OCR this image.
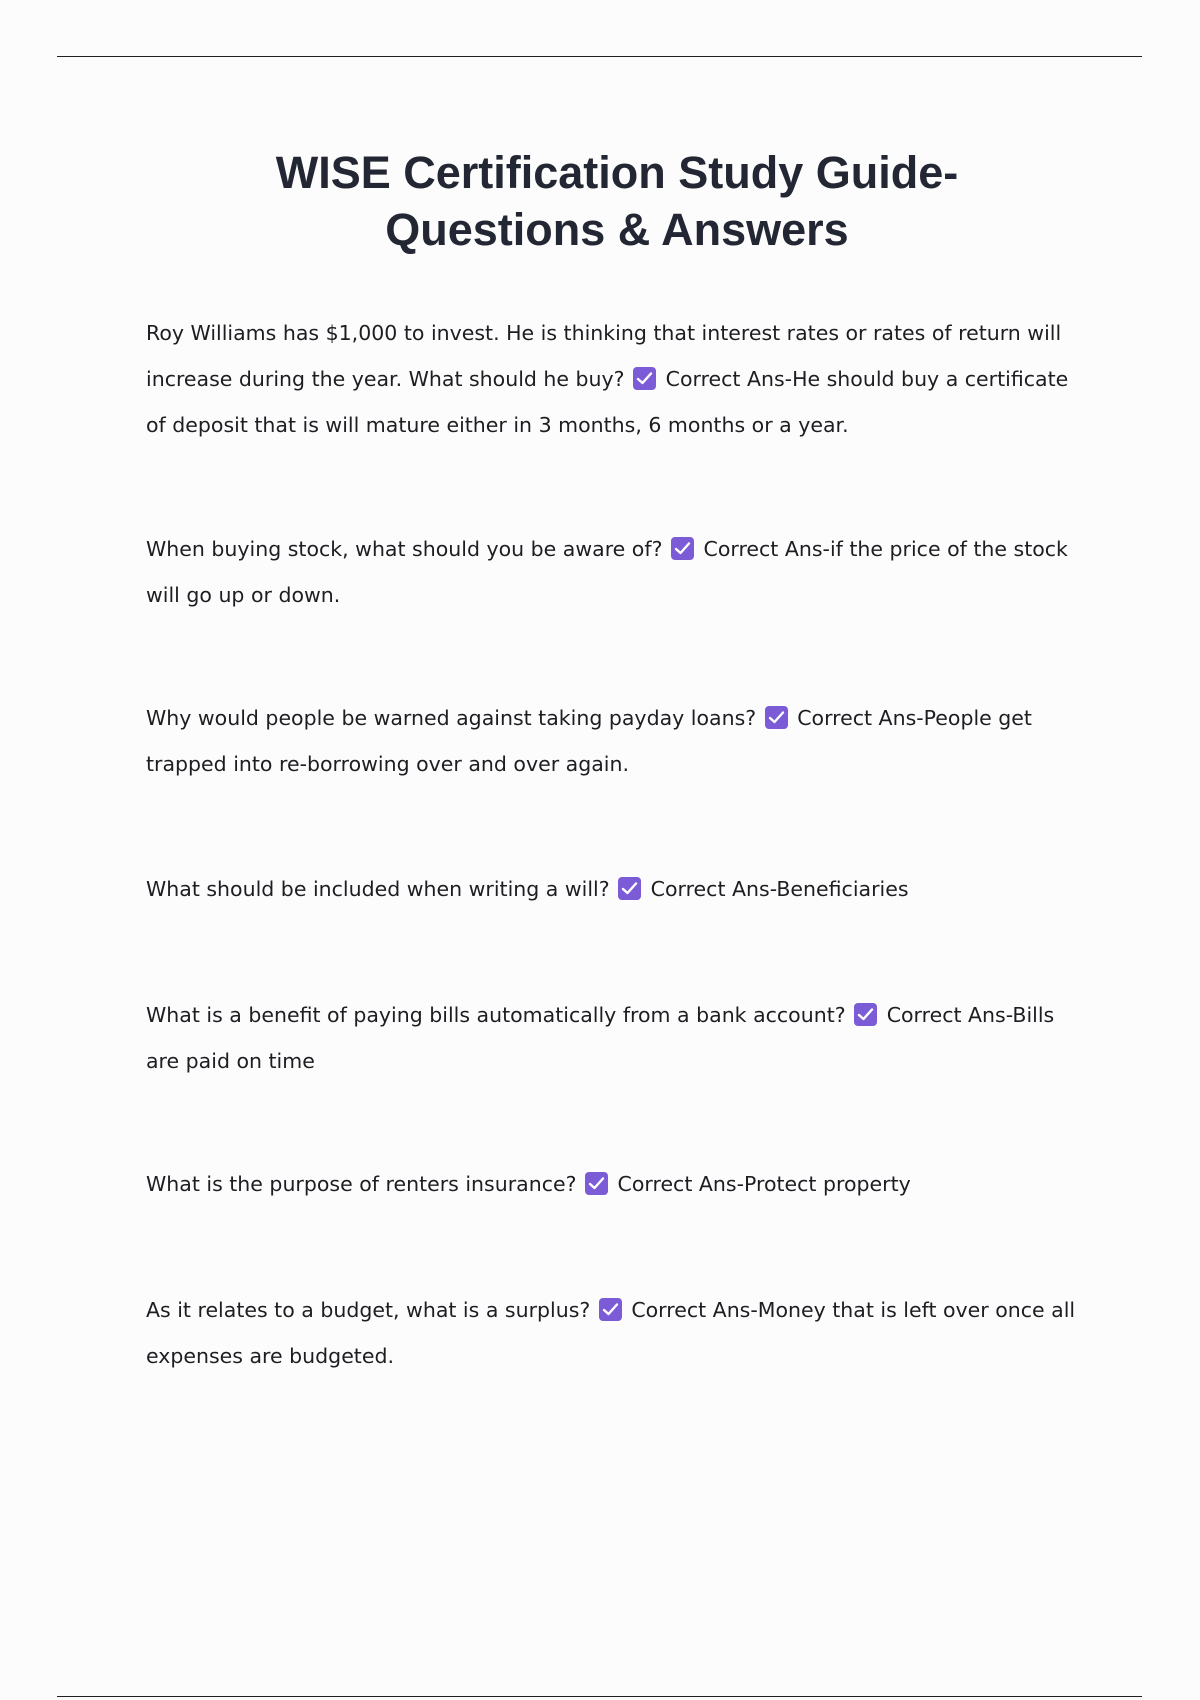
WISE Certification Study Guide-
Questions & Answers

Roy Williams has $1,000 to invest. He is thinking that interest rates or rates of return will increase during the year. What should he buy? Correct Ans-He should buy a certificate of deposit that is will mature either in 3 months, 6 months or a year.

When buying stock, what should you be aware of? Correct Ans-if the price of the stock will go up or down.

Why would people be warned against taking payday loans? Correct Ans-People get trapped into re-borrowing over and over again.

What should be included when writing a will? Correct Ans-Beneficiaries

What is a benefit of paying bills automatically from a bank account? Correct Ans-Bills are paid on time

What is the purpose of renters insurance? Correct Ans-Protect property

As it relates to a budget, what is a surplus? Correct Ans-Money that is left over once all expenses are budgeted.
